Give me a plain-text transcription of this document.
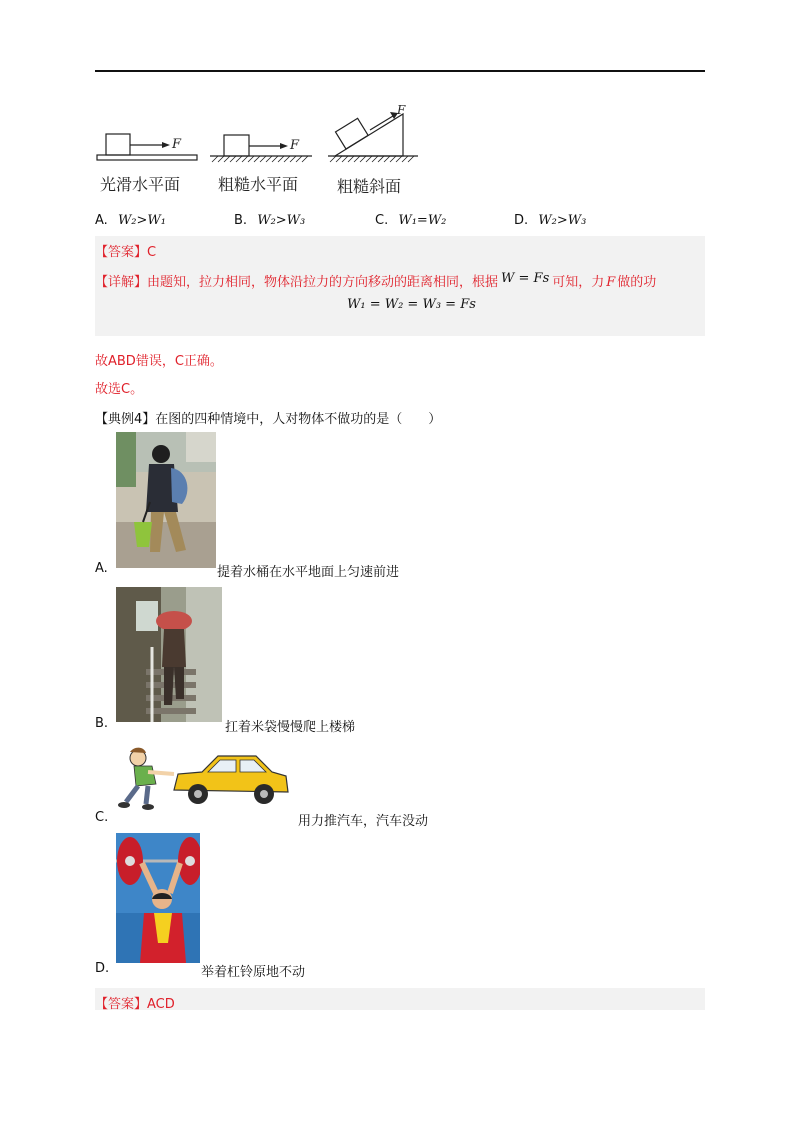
F	F
F
光滑水平面 粗糙水平面 粗糙斜面
A. W₂>W₁	B. W₂>W₃	C. W₁=W₂	D. W₂>W₃
【答案】C
【详解】由题知，拉力相同，物体沿拉力的方向移动的距离相同，根据 W = Fs 可知，力 F 做的功
W₁ = W₂ = W₃ = Fs
故ABD错误，C正确。
故选C。
【典例4】在图的四种情境中，人对物体不做功的是（　　）
A.	提着水桶在水平地面上匀速前进
B.	扛着米袋慢慢爬上楼梯
C.	用力推汽车，汽车没动
D.	举着杠铃原地不动
【答案】ACD
